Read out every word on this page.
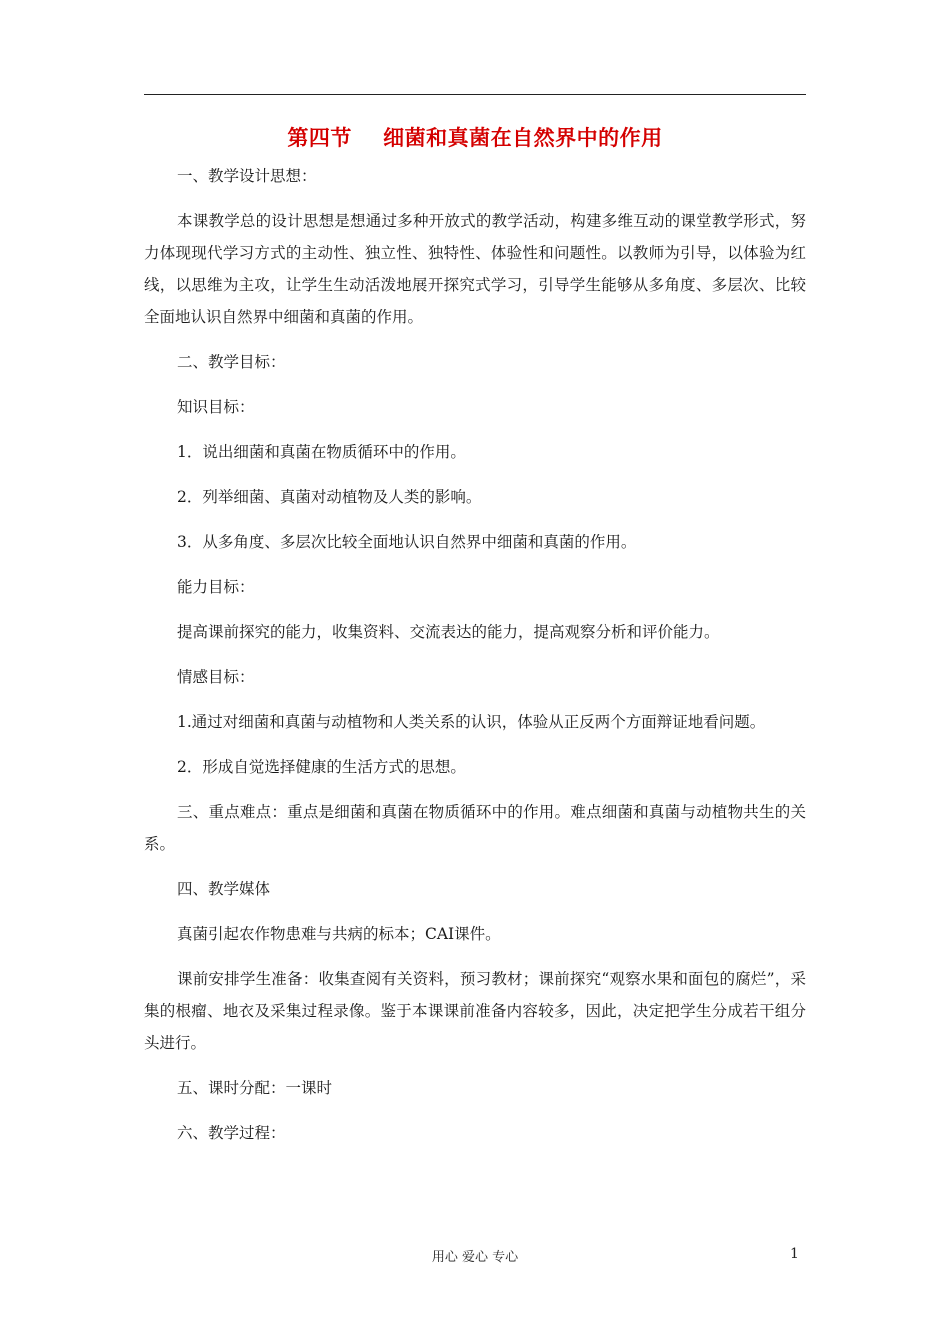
第四节    细菌和真菌在自然界中的作用

一、教学设计思想：

本课教学总的设计思想是想通过多种开放式的教学活动，构建多维互动的课堂教学形式，努力体现现代学习方式的主动性、独立性、独特性、体验性和问题性。以教师为引导，以体验为红线，以思维为主攻，让学生生动活泼地展开探究式学习，引导学生能够从多角度、多层次、比较全面地认识自然界中细菌和真菌的作用。

二、教学目标：

知识目标：

1．说出细菌和真菌在物质循环中的作用。

2．列举细菌、真菌对动植物及人类的影响。

3．从多角度、多层次比较全面地认识自然界中细菌和真菌的作用。

能力目标：

提高课前探究的能力，收集资料、交流表达的能力，提高观察分析和评价能力。

情感目标：

1.通过对细菌和真菌与动植物和人类关系的认识，体验从正反两个方面辩证地看问题。

2．形成自觉选择健康的生活方式的思想。

三、重点难点：重点是细菌和真菌在物质循环中的作用。难点细菌和真菌与动植物共生的关系。

四、教学媒体

真菌引起农作物患难与共病的标本；CAI课件。

课前安排学生准备：收集查阅有关资料，预习教材；课前探究“观察水果和面包的腐烂”，采集的根瘤、地衣及采集过程录像。鉴于本课课前准备内容较多，因此，决定把学生分成若干组分头进行。

五、课时分配：一课时

六、教学过程：

用心 爱心 专心	1
